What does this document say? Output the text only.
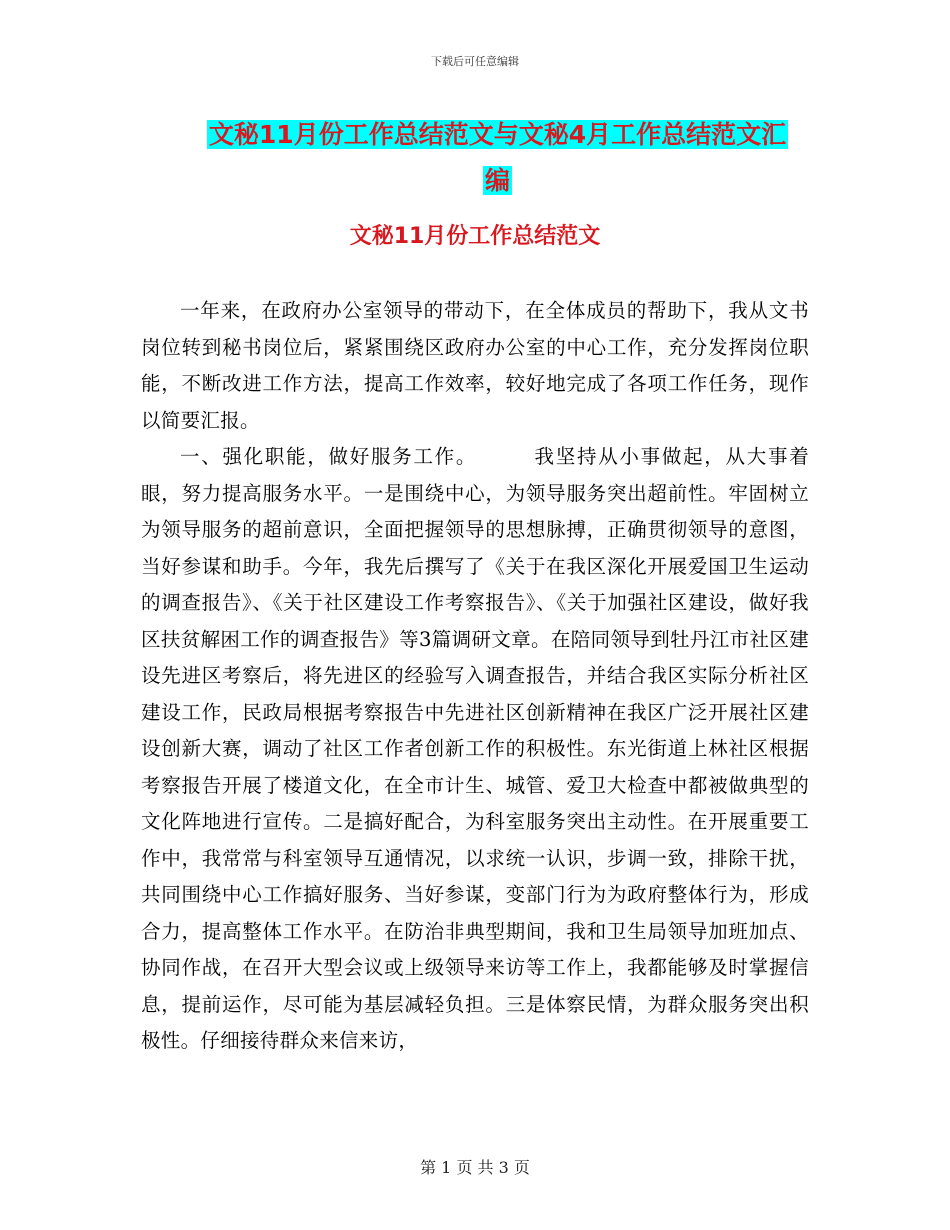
下载后可任意编辑
文秘11月份工作总结范文与文秘4月工作总结范文汇
编
文秘11月份工作总结范文

一年来，在政府办公室领导的带动下，在全体成员的帮助下，我从文书岗位转到秘书岗位后，紧紧围绕区政府办公室的中心工作，充分发挥岗位职能，不断改进工作方法，提高工作效率，较好地完成了各项工作任务，现作以简要汇报。

一、强化职能，做好服务工作。	我坚持从小事做起，从大事着眼，努力提高服务水平。一是围绕中心，为领导服务突出超前性。牢固树立为领导服务的超前意识，全面把握领导的思想脉搏，正确贯彻领导的意图，当好参谋和助手。今年，我先后撰写了《关于在我区深化开展爱国卫生运动的调查报告》、《关于社区建设工作考察报告》、《关于加强社区建设，做好我区扶贫解困工作的调查报告》等3篇调研文章。在陪同领导到牡丹江市社区建设先进区考察后，将先进区的经验写入调查报告，并结合我区实际分析社区建设工作，民政局根据考察报告中先进社区创新精神在我区广泛开展社区建设创新大赛，调动了社区工作者创新工作的积极性。东光街道上林社区根据考察报告开展了楼道文化，在全市计生、城管、爱卫大检查中都被做典型的文化阵地进行宣传。二是搞好配合，为科室服务突出主动性。在开展重要工作中，我常常与科室领导互通情况，以求统一认识，步调一致，排除干扰，共同围绕中心工作搞好服务、当好参谋，变部门行为为政府整体行为，形成合力，提高整体工作水平。在防治非典型期间，我和卫生局领导加班加点、协同作战，在召开大型会议或上级领导来访等工作上，我都能够及时掌握信息，提前运作，尽可能为基层减轻负担。三是体察民情，为群众服务突出积极性。仔细接待群众来信来访，

第 1 页 共 3 页
